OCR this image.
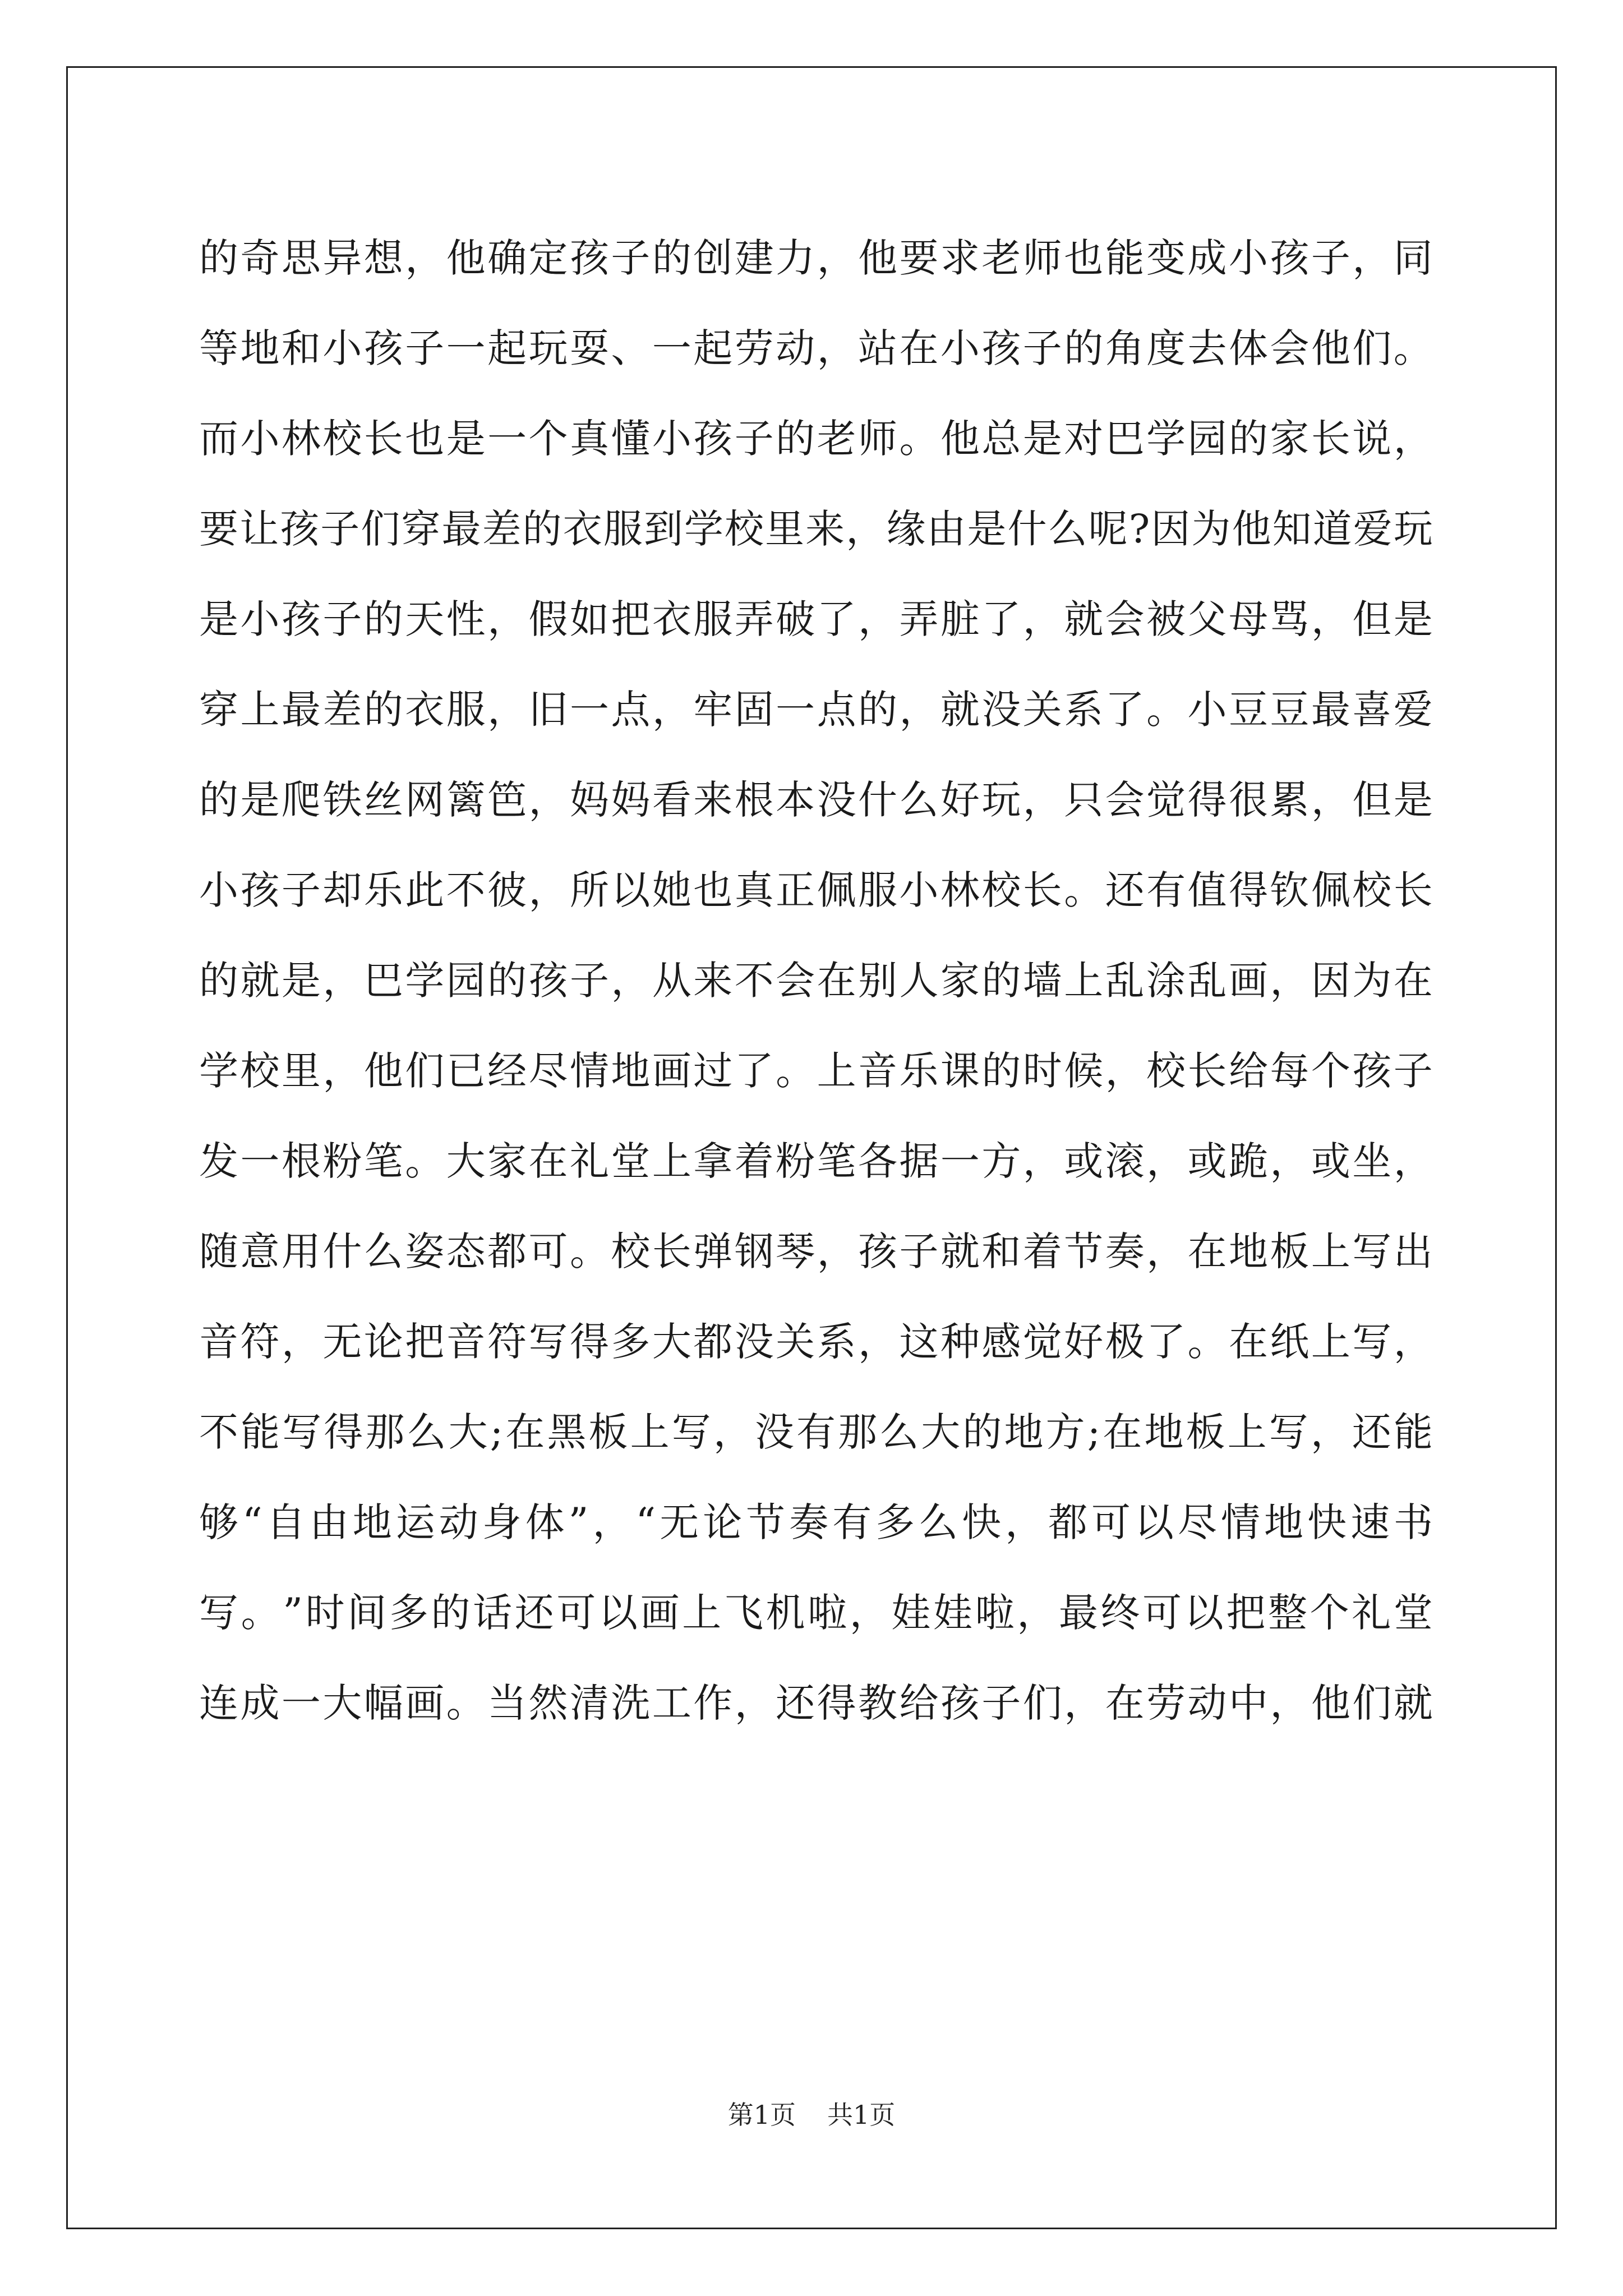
的 奇 思 异 想 ， 他 确 定 孩 子 的 创 建 力 ， 他 要 求 老 师 也 能 变 成 小 孩 子 ， 同
等 地 和 小 孩 子 一 起 玩 耍 、 一 起 劳 动 ， 站 在 小 孩 子 的 角 度 去 体 会 他 们 。
而 小 林 校 长 也 是 一 个 真 懂 小 孩 子 的 老 师 。 他 总 是 对 巴 学 园 的 家 长 说 ，
要 让 孩 子 们 穿 最 差 的 衣 服 到 学 校 里 来 ， 缘 由 是 什 么 呢 ? 因 为 他 知 道 爱 玩
是 小 孩 子 的 天 性 ， 假 如 把 衣 服 弄 破 了 ， 弄 脏 了 ， 就 会 被 父 母 骂 ， 但 是
穿 上 最 差 的 衣 服 ， 旧 一 点 ， 牢 固 一 点 的 ， 就 没 关 系 了 。 小 豆 豆 最 喜 爱
的 是 爬 铁 丝 网 篱 笆 ， 妈 妈 看 来 根 本 没 什 么 好 玩 ， 只 会 觉 得 很 累 ， 但 是
小 孩 子 却 乐 此 不 彼 ， 所 以 她 也 真 正 佩 服 小 林 校 长 。 还 有 值 得 钦 佩 校 长
的 就 是 ， 巴 学 园 的 孩 子 ， 从 来 不 会 在 别 人 家 的 墙 上 乱 涂 乱 画 ， 因 为 在
学 校 里 ， 他 们 已 经 尽 情 地 画 过 了 。 上 音 乐 课 的 时 候 ， 校 长 给 每 个 孩 子
发 一 根 粉 笔 。 大 家 在 礼 堂 上 拿 着 粉 笔 各 据 一 方 ， 或 滚 ， 或 跪 ， 或 坐 ，
随 意 用 什 么 姿 态 都 可 。 校 长 弹 钢 琴 ， 孩 子 就 和 着 节 奏 ， 在 地 板 上 写 出
音 符 ， 无 论 把 音 符 写 得 多 大 都 没 关 系 ， 这 种 感 觉 好 极 了 。 在 纸 上 写 ，
不 能 写 得 那 么 大 ; 在 黑 板 上 写 ， 没 有 那 么 大 的 地 方 ; 在 地 板 上 写 ， 还 能
够 “ 自 由 地 运 动 身 体 ” ， “ 无 论 节 奏 有 多 么 快 ， 都 可 以 尽 情 地 快 速 书
写 。 ” 时 间 多 的 话 还 可 以 画 上 飞 机 啦 ， 娃 娃 啦 ， 最 终 可 以 把 整 个 礼 堂
连 成 一 大 幅 画 。 当 然 清 洗 工 作 ， 还 得 教 给 孩 子 们 ， 在 劳 动 中 ， 他 们 就
第1页 共1页
